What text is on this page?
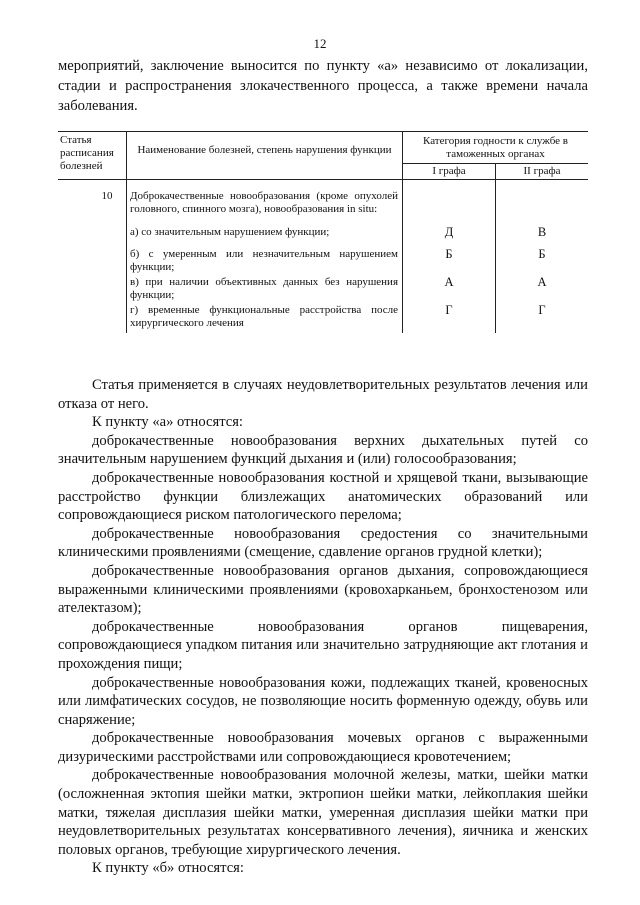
12
мероприятий, заключение выносится по пункту «а» независимо от локализации, стадии и распространения злокачественного процесса, а также времени начала заболевания.
Статья расписания болезней	Наименование болезней, степень нарушения функции	Категория годности к службе в таможенных органах	
		I графа	II графа

10	Доброкачественные новообразования (кроме опухолей головного, спинного мозга), новообразования in situ:		
	а) со значительным нарушением функции;	Д	В
	б) с умеренным или незначительным нарушением функции;	Б	Б
	в) при наличии объективных данных без нарушения функции;	А	А
	г) временные функциональные расстройства после хирургического лечения	Г	Г

Статья применяется в случаях неудовлетворительных результатов лечения или отказа от него.

К пункту «а» относятся:

доброкачественные новообразования верхних дыхательных путей со значительным нарушением функций дыхания и (или) голосообразования;

доброкачественные новообразования костной и хрящевой ткани, вызывающие расстройство функции близлежащих анатомических образований или сопровождающиеся риском патологического перелома;

доброкачественные новообразования средостения со значительными клиническими проявлениями (смещение, сдавление органов грудной клетки);

доброкачественные новообразования органов дыхания, сопровождающиеся выраженными клиническими проявлениями (кровохарканьем, бронхостенозом или ателектазом);

доброкачественные новообразования органов пищеварения, сопровождающиеся упадком питания или значительно затрудняющие акт глотания и прохождения пищи;

доброкачественные новообразования кожи, подлежащих тканей, кровеносных или лимфатических сосудов, не позволяющие носить форменную одежду, обувь или снаряжение;

доброкачественные новообразования мочевых органов с выраженными дизурическими расстройствами или сопровождающиеся кровотечением;

доброкачественные новообразования молочной железы, матки, шейки матки (осложненная эктопия шейки матки, эктропион шейки матки, лейкоплакия шейки матки, тяжелая дисплазия шейки матки, умеренная дисплазия шейки матки при неудовлетворительных результатах консервативного лечения), яичника и женских половых органов, требующие хирургического лечения.

К пункту «б» относятся:
